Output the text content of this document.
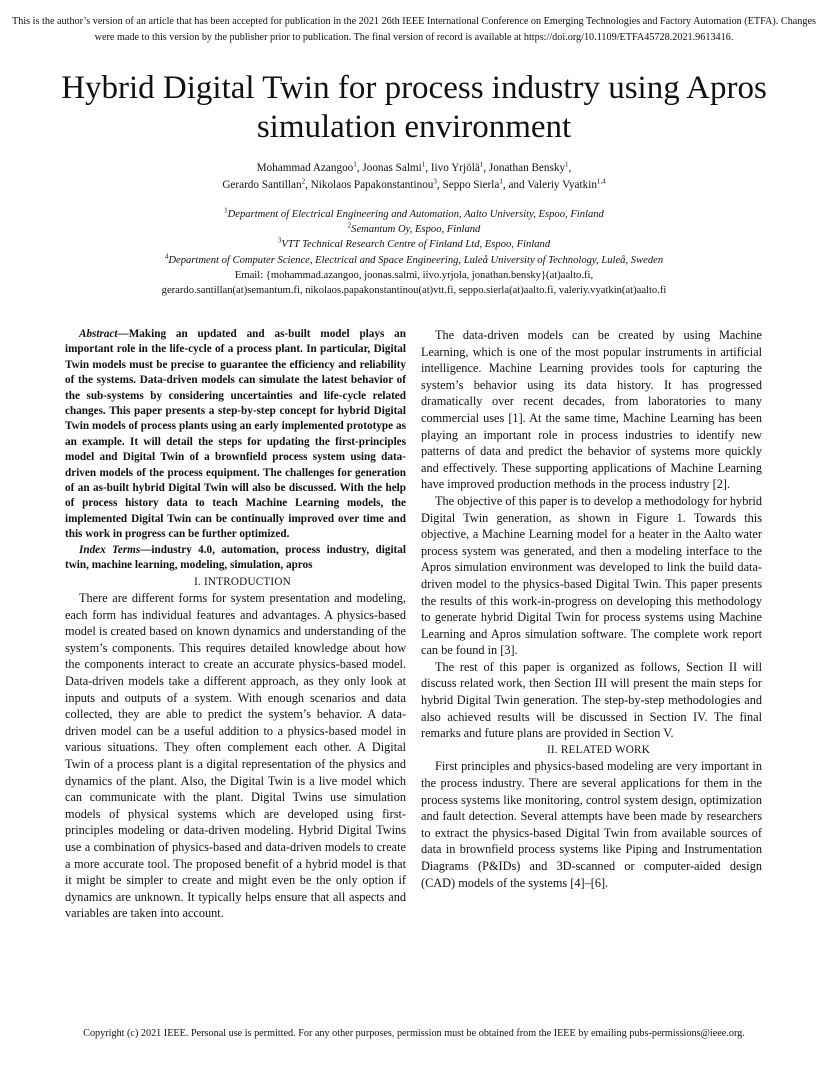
This is the author’s version of an article that has been accepted for publication in the 2021 26th IEEE International Conference on Emerging Technologies and Factory Automation (ETFA). Changes were made to this version by the publisher prior to publication. The final version of record is available at https://doi.org/10.1109/ETFA45728.2021.9613416.
Hybrid Digital Twin for process industry using Apros simulation environment
Mohammad Azangoo$^1$, Joonas Salmi$^1$, Iivo Yrjölä$^1$, Jonathan Bensky$^1$,
Gerardo Santillan$^2$, Nikolaos Papakonstantinou$^3$, Seppo Sierla$^1$, and Valeriy Vyatkin$^{1,4}$
$^1$Department of Electrical Engineering and Automation, Aalto University, Espoo, Finland
$^2$Semantum Oy, Espoo, Finland
$^3$VTT Technical Research Centre of Finland Ltd, Espoo, Finland
$^4$Department of Computer Science, Electrical and Space Engineering, Luleå University of Technology, Luleå, Sweden
Email: {mohammad.azangoo, joonas.salmi, iivo.yrjola, jonathan.bensky}(at)aalto.fi,
gerardo.santillan(at)semantum.fi, nikolaos.papakonstantinou(at)vtt.fi, seppo.sierla(at)aalto.fi, valeriy.vyatkin(at)aalto.fi

Abstract—Making an updated and as-built model plays an important role in the life-cycle of a process plant. In particular, Digital Twin models must be precise to guarantee the efficiency and reliability of the systems. Data-driven models can simulate the latest behavior of the sub-systems by considering uncertainties and life-cycle related changes. This paper presents a step-by-step concept for hybrid Digital Twin models of process plants using an early implemented prototype as an example. It will detail the steps for updating the first-principles model and Digital Twin of a brownfield process system using data-driven models of the process equipment. The challenges for generation of an as-built hybrid Digital Twin will also be discussed. With the help of process history data to teach Machine Learning models, the implemented Digital Twin can be continually improved over time and this work in progress can be further optimized.

Index Terms—industry 4.0, automation, process industry, digital twin, machine learning, modeling, simulation, apros

I. INTRODUCTION

There are different forms for system presentation and modeling, each form has individual features and advantages. A physics-based model is created based on known dynamics and understanding of the system’s components. This requires detailed knowledge about how the components interact to create an accurate physics-based model. Data-driven models take a different approach, as they only look at inputs and outputs of a system. With enough scenarios and data collected, they are able to predict the system’s behavior. A data-driven model can be a useful addition to a physics-based model in various situations. They often complement each other. A Digital Twin of a process plant is a digital representation of the physics and dynamics of the plant. Also, the Digital Twin is a live model which can communicate with the plant. Digital Twins use simulation models of physical systems which are developed using first-principles modeling or data-driven modeling. Hybrid Digital Twins use a combination of physics-based and data-driven models to create a more accurate tool. The proposed benefit of a hybrid model is that it might be simpler to create and might even be the only option if dynamics are unknown. It typically helps ensure that all aspects and variables are taken into account.

The data-driven models can be created by using Machine Learning, which is one of the most popular instruments in artificial intelligence. Machine Learning provides tools for capturing the system’s behavior using its data history. It has progressed dramatically over recent decades, from laboratories to many commercial uses [1]. At the same time, Machine Learning has been playing an important role in process industries to identify new patterns of data and predict the behavior of systems more quickly and effectively. These supporting applications of Machine Learning have improved production methods in the process industry [2].

The objective of this paper is to develop a methodology for hybrid Digital Twin generation, as shown in Figure 1. Towards this objective, a Machine Learning model for a heater in the Aalto water process system was generated, and then a modeling interface to the Apros simulation environment was developed to link the build data-driven model to the physics-based Digital Twin. This paper presents the results of this work-in-progress on developing this methodology to generate hybrid Digital Twin for process systems using Machine Learning and Apros simulation software. The complete work report can be found in [3].

The rest of this paper is organized as follows, Section II will discuss related work, then Section III will present the main steps for hybrid Digital Twin generation. The step-by-step methodologies and also achieved results will be discussed in Section IV. The final remarks and future plans are provided in Section V.

II. RELATED WORK

First principles and physics-based modeling are very important in the process industry. There are several applications for them in the process systems like monitoring, control system design, optimization and fault detection. Several attempts have been made by researchers to extract the physics-based Digital Twin from available sources of data in brownfield process systems like Piping and Instrumentation Diagrams (P&IDs) and 3D-scanned or computer-aided design (CAD) models of the systems [4]–[6].

Copyright (c) 2021 IEEE. Personal use is permitted. For any other purposes, permission must be obtained from the IEEE by emailing pubs-permissions@ieee.org.
